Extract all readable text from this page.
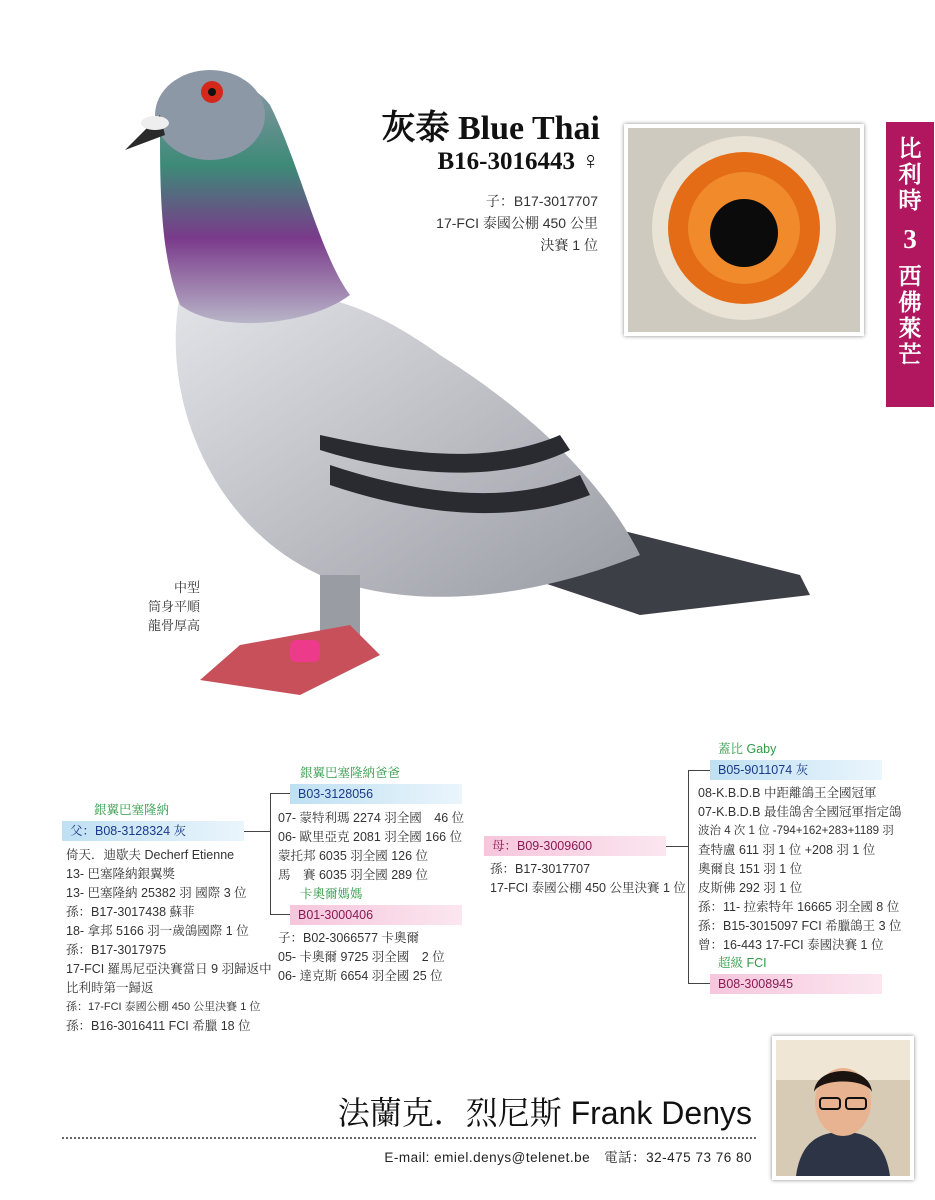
灰泰 Blue Thai
B16-3016443 ♀
子：B17-3017707
17-FCI 泰國公棚 450 公里
決賽 1 位
比
利
時
3
西
佛
萊
芒
中型
筒身平順
龍骨厚高
銀翼巴塞隆納
父：B08-3128324 灰
倚天．迪歇夫 Decherf Etienne
13- 巴塞隆納銀翼獎
13- 巴塞隆納 25382 羽 國際 3 位
孫：B17-3017438 蘇菲
18- 拿邦 5166 羽一歲鴿國際 1 位
孫：B17-3017975
17-FCI 羅馬尼亞決賽當日 9 羽歸返中
比利時第一歸返
孫：17-FCI 泰國公棚 450 公里決賽 1 位
孫：B16-3016411 FCI 希臘 18 位
銀翼巴塞隆納爸爸
B03-3128056
07- 蒙特利瑪 2274 羽全國　46 位
06- 歐里亞克 2081 羽全國 166 位
蒙托邦 6035 羽全國 126 位
馬　賽 6035 羽全國 289 位
卡奧爾媽媽
B01-3000406
子：B02-3066577 卡奧爾
05- 卡奧爾 9725 羽全國　2 位
06- 達克斯 6654 羽全國 25 位
母：B09-3009600
孫：B17-3017707
17-FCI 泰國公棚 450 公里決賽 1 位
蓋比 Gaby
B05-9011074 灰
08-K.B.D.B 中距離鴿王全國冠軍
07-K.B.D.B 最佳鴿舍全國冠軍指定鴿
波治 4 次 1 位 -794+162+283+1189 羽
查特盧 611 羽 1 位 +208 羽 1 位
奧爾良 151 羽 1 位
皮斯佛 292 羽 1 位
孫：11- 拉索特年 16665 羽全國 8 位
孫：B15-3015097 FCI 希臘鴿王 3 位
曾：16-443 17-FCI 泰國決賽 1 位
超級 FCI
B08-3008945
法蘭克．烈尼斯 Frank Denys
E-mail: emiel.denys@telenet.be　電話：32-475 73 76 80
